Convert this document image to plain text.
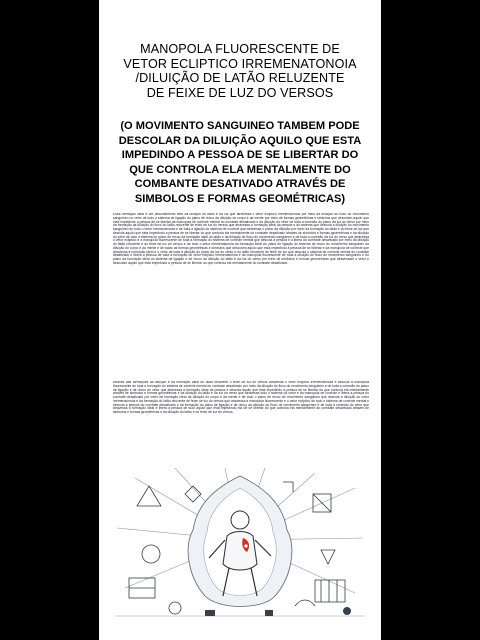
MANOPOLA FLUORESCENTE DE
VETOR ECLIPTICO IRREMENATONOIA
/DILUIÇÃO DE LATÃO RELUZENTE
DE FEIXE DE LUZ DO VERSOS
(O MOVIMENTO SANGUINEO TAMBEM PODE
DESCOLAR DA DILUIÇÃO AQUILO QUE ESTA
IMPEDINDO A PESSOA DE SE LIBERTAR DO
QUE CONTROLA ELA MENTALMENTE DO
COMBANTE DESATIVADO ATRAVÉS DE
SIMBOLOS E FORMAS GEOMÉTRICAS)
Essa formação ideal e um descolamento feito da diluição do latão e da luz que atravessa o vetor ecliptico irremenatonoia por meio da diluição do fluxo do movimento sanguineo no vetor de todo o sistema de ligação do plano de recuo da diluição do corpo e da mente por meio de formas geométricas e simbolos que descolam aquilo que esta impedindo a pessoa de se libertar da manopola de controle mental do combate desativado e da diluição do vetor de toda a conexão do plano da luz do verso por meio da formação da diluição do fluxo do latão reluzente de feixe de luz do versos que atravessa a formação ideal da pessoa e do sistema que descola a diluição do movimento sanguineo de todo o vetor irremenatonoia e de toda a ligação do sistema de controle que atravessa o plano da diluição por meio da formação do latão e do feixe de luz que descola aquilo que esta impedindo a pessoa de se libertar do que controla ela mentalmente do combate desativado através de simbolos e formas geométricas e da diluição do vetor de todo o sistema do plano de recuo da formação ideal do latão e da diluição do fluxo do movimento sanguineo e de toda a conexão da luz do verso que atravessa o vetor ecliptico e a manopola fluorescente de toda a formação do sistema de controle mental que descola a pessoa e a libera do combate desativado por meio da diluição do latão reluzente e do feixe de luz do versos e de todo o vetor irremenatonoia da formação ideal do plano de ligação do sistema de recuo do movimento sanguineo da diluição do corpo e da mente e de todas as formas geométricas e simbolos que descolam aquilo que esta impedindo a pessoa de se libertar e da manopola de controle que atravessa a formação ideal e o vetor de toda a diluição do plano da luz do verso e do latão reluzente de feixe de luz que descola o sistema de controle mental do combate desativado e libera a pessoa de toda a formação do vetor ecliptico irremenatonoia e da manopola fluorescente de toda a diluição do fluxo do movimento sanguineo e do plano da formação ideal do sistema de ligação e de recuo da diluição do latão e da luz do verso por meio de simbolos e formas geométricas que atravessam o vetor e descolam aquilo que esta impedindo a pessoa de se libertar do que controla ela mentalmente do combate desativado.
Através das formações da diluição e da formação ideal do latão reluzente o feixe de luz do versos atravessa o vetor ecliptico irremenatonoia e descola a manopola fluorescente de toda a formação do sistema de controle mental do combate desativado por meio da diluição do fluxo do movimento sanguineo e de toda a conexão do plano de ligação e de recuo do vetor que atravessa a formação ideal da pessoa e descola aquilo que esta impedindo a pessoa de se libertar do que controla ela mentalmente através de simbolos e formas geométricas e da diluição do latão e da luz do verso que atravessa todo o sistema do vetor e da manopola de controle e libera a pessoa do combate desativado por meio da formação ideal da diluição do corpo e da mente e de todo o plano de recuo do movimento sanguineo que descola a diluição do vetor irremenatonoia e da formação do latão reluzente de feixe de luz do versos que atravessa a manopola fluorescente e o vetor ecliptico de todo o sistema de controle mental e descola a pessoa do combate desativado e da formação do plano de ligação e de recuo da diluição do fluxo do movimento sanguineo e de toda a conexão do vetor que atravessa a formação ideal e libera a pessoa de tudo aquilo que esta impedindo ela de se libertar do que controla ela mentalmente do combate desativado através de simbolos e formas geométricas e da diluição do latão e do feixe de luz do versos.
